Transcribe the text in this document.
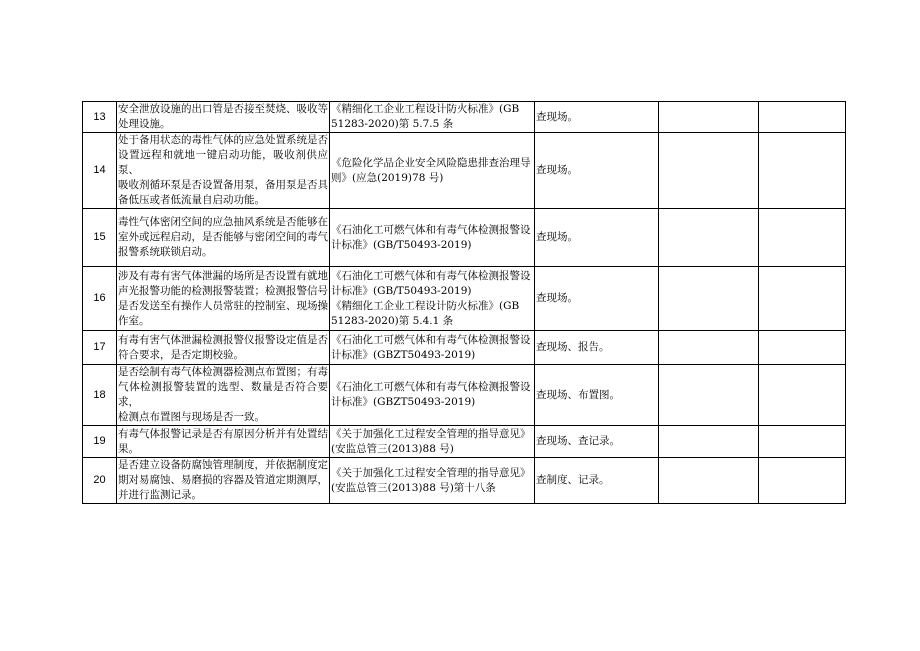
13	安全泄放设施的出口管是否接至焚烧、吸收等
处理设施。	《精细化工企业工程设计防火标准》(GB
51283-2020)第 5.7.5 条	查现场。		
14	处于备用状态的毒性气体的应急处置系统是否
设置远程和就地一键启动功能，吸收剂供应泵、
吸收剂循环泵是否设置备用泵，备用泵是否具
备低压或者低流量自启动功能。	《危险化学品企业安全风险隐患排查治理导
则》(应急(2019)78 号)	查现场。		
15	毒性气体密闭空间的应急抽风系统是否能够在
室外或远程启动，是否能够与密闭空间的毒气
报警系统联锁启动。	《石油化工可燃气体和有毒气体检测报警设
计标准》(GB/T50493-2019)	查现场。		
16	涉及有毒有害气体泄漏的场所是否设置有就地
声光报警功能的检测报警装置；检测报警信号
是否发送至有操作人员常驻的控制室、现场操
作室。	《石油化工可燃气体和有毒气体检测报警设
计标准》(GB/T50493-2019)
《精细化工企业工程设计防火标准》(GB
51283-2020)第 5.4.1 条	查现场。		
17	有毒有害气体泄漏检测报警仪报警设定值是否
符合要求，是否定期校验。	《石油化工可燃气体和有毒气体检测报警设
计标准》(GBZT50493-2019)	查现场、报告。		
18	是否绘制有毒气体检测器检测点布置图；有毒
气体检测报警装置的选型、数量是否符合要求，
检测点布置图与现场是否一致。	《石油化工可燃气体和有毒气体检测报警设
计标准》(GBZT50493-2019)	查现场、布置图。		
19	有毒气体报警记录是否有原因分析并有处置结
果。	《关于加强化工过程安全管理的指导意见》
(安监总管三(2013)88 号)	查现场、查记录。		
20	是否建立设备防腐蚀管理制度，并依据制度定
期对易腐蚀、易磨损的容器及管道定期测厚，
并进行监测记录。	《关于加强化工过程安全管理的指导意见》
(安监总管三(2013)88 号)第十八条	查制度、记录。		
